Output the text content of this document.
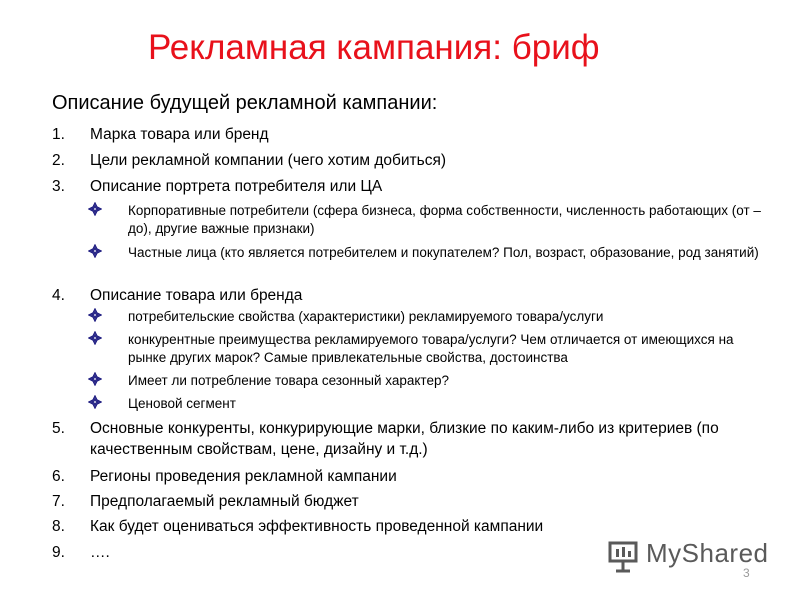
Рекламная кампания: бриф
Описание будущей рекламной кампании:
1. Марка товара или бренд
2. Цели рекламной компании (чего хотим добиться)
3. Описание портрета потребителя или ЦА
Корпоративные потребители (сфера бизнеса, форма собственности, численность работающих (от – до), другие важные признаки)
Частные лица (кто является потребителем и покупателем? Пол, возраст, образование, род занятий)
4. Описание товара или бренда
потребительские свойства (характеристики) рекламируемого товара/услуги
конкурентные преимущества рекламируемого товара/услуги? Чем отличается от имеющихся на рынке других марок? Самые привлекательные свойства, достоинства
Имеет ли потребление товара сезонный характер?
Ценовой сегмент
5. Основные конкуренты, конкурирующие марки, близкие по каким-либо из критериев (по качественным свойствам, цене, дизайну и т.д.)
6. Регионы проведения рекламной кампании
7. Предполагаемый рекламный бюджет
8. Как будет оцениваться эффективность проведенной кампании
9. ….	MyShared
3
